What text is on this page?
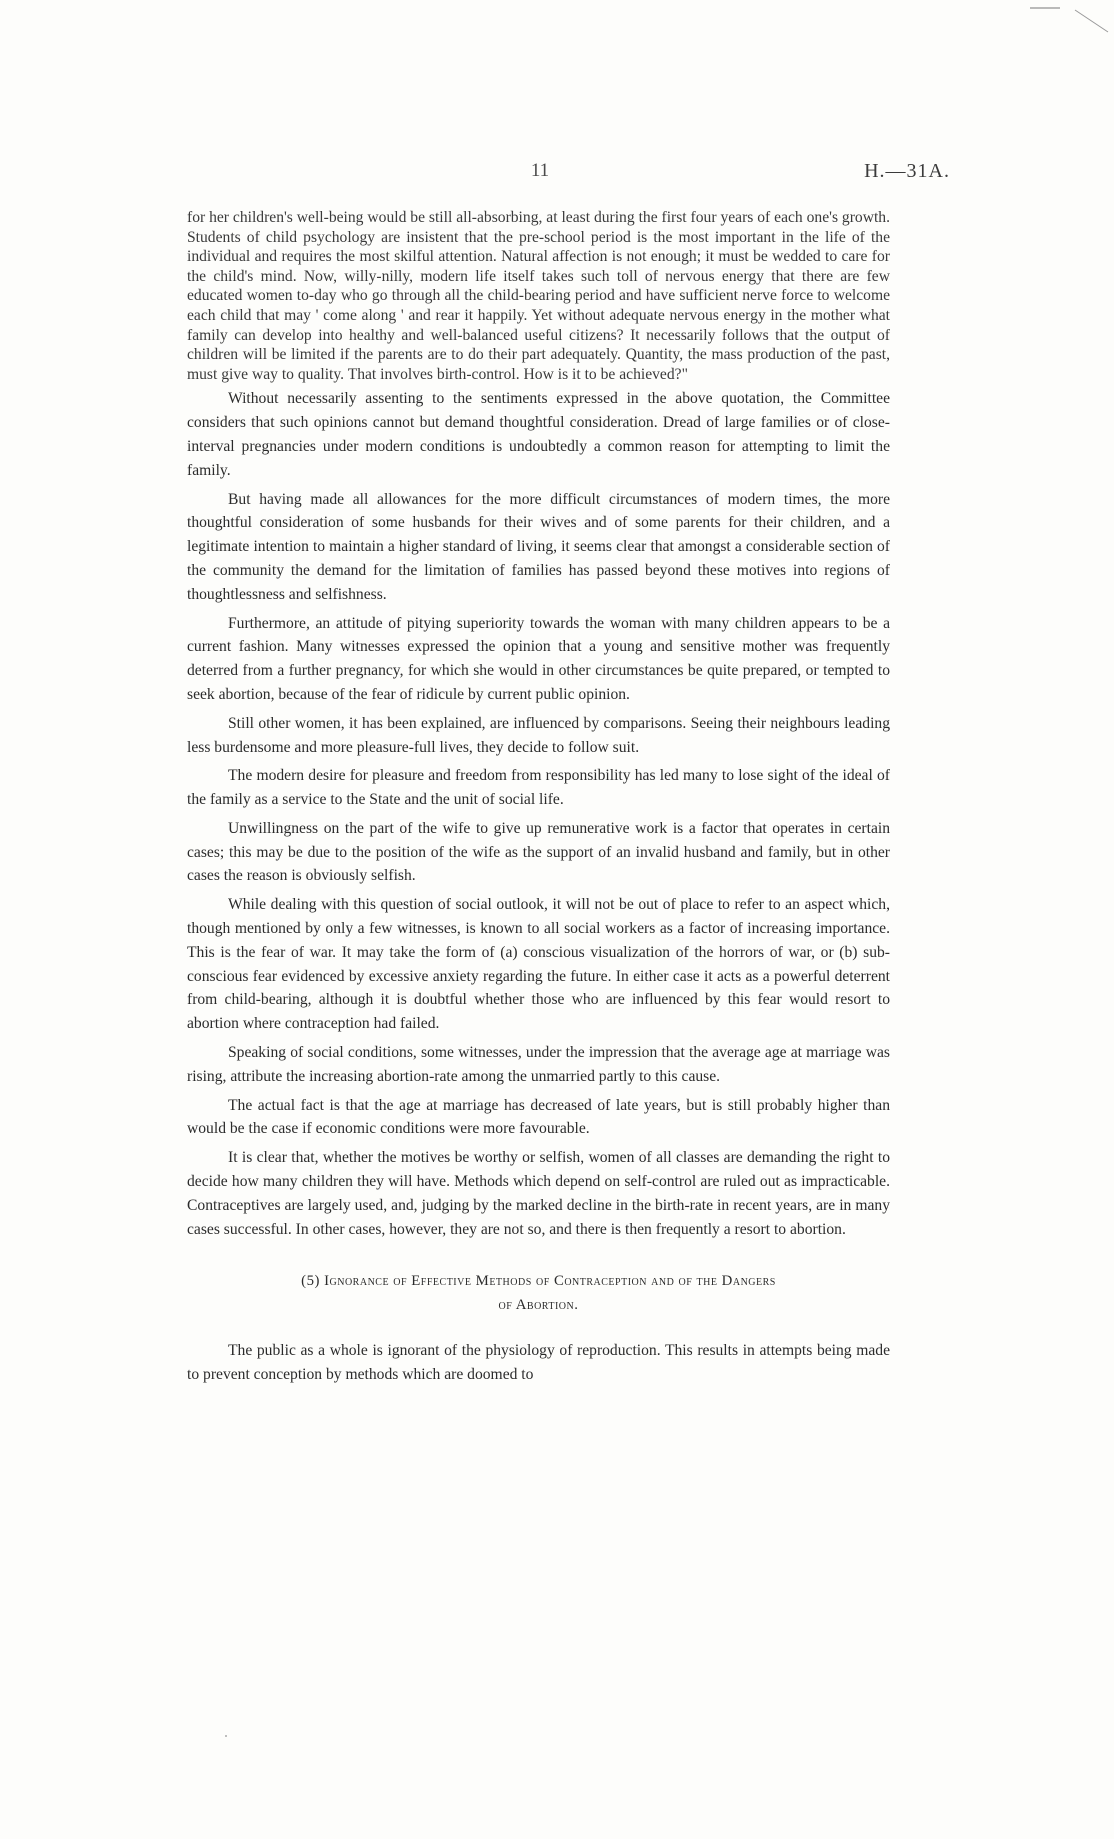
11	H.—31A.

for her children's well-being would be still all-absorbing, at least during the first four years of each one's growth. Students of child psychology are insistent that the pre-school period is the most important in the life of the individual and requires the most skilful attention. Natural affection is not enough; it must be wedded to care for the child's mind. Now, willy-nilly, modern life itself takes such toll of nervous energy that there are few educated women to-day who go through all the child-bearing period and have sufficient nerve force to welcome each child that may ' come along ' and rear it happily. Yet without adequate nervous energy in the mother what family can develop into healthy and well-balanced useful citizens? It necessarily follows that the output of children will be limited if the parents are to do their part adequately. Quantity, the mass production of the past, must give way to quality. That involves birth-control. How is it to be achieved?"

Without necessarily assenting to the sentiments expressed in the above quotation, the Committee considers that such opinions cannot but demand thoughtful consideration. Dread of large families or of close-interval pregnancies under modern conditions is undoubtedly a common reason for attempting to limit the family.

But having made all allowances for the more difficult circumstances of modern times, the more thoughtful consideration of some husbands for their wives and of some parents for their children, and a legitimate intention to maintain a higher standard of living, it seems clear that amongst a considerable section of the community the demand for the limitation of families has passed beyond these motives into regions of thoughtlessness and selfishness.

Furthermore, an attitude of pitying superiority towards the woman with many children appears to be a current fashion. Many witnesses expressed the opinion that a young and sensitive mother was frequently deterred from a further pregnancy, for which she would in other circumstances be quite prepared, or tempted to seek abortion, because of the fear of ridicule by current public opinion.

Still other women, it has been explained, are influenced by comparisons. Seeing their neighbours leading less burdensome and more pleasure-full lives, they decide to follow suit.

The modern desire for pleasure and freedom from responsibility has led many to lose sight of the ideal of the family as a service to the State and the unit of social life.

Unwillingness on the part of the wife to give up remunerative work is a factor that operates in certain cases; this may be due to the position of the wife as the support of an invalid husband and family, but in other cases the reason is obviously selfish.

While dealing with this question of social outlook, it will not be out of place to refer to an aspect which, though mentioned by only a few witnesses, is known to all social workers as a factor of increasing importance. This is the fear of war. It may take the form of (a) conscious visualization of the horrors of war, or (b) sub-conscious fear evidenced by excessive anxiety regarding the future. In either case it acts as a powerful deterrent from child-bearing, although it is doubtful whether those who are influenced by this fear would resort to abortion where contraception had failed.

Speaking of social conditions, some witnesses, under the impression that the average age at marriage was rising, attribute the increasing abortion-rate among the unmarried partly to this cause.

The actual fact is that the age at marriage has decreased of late years, but is still probably higher than would be the case if economic conditions were more favourable.

It is clear that, whether the motives be worthy or selfish, women of all classes are demanding the right to decide how many children they will have. Methods which depend on self-control are ruled out as impracticable. Contraceptives are largely used, and, judging by the marked decline in the birth-rate in recent years, are in many cases successful. In other cases, however, they are not so, and there is then frequently a resort to abortion.

(5) Ignorance of Effective Methods of Contraception and of the Dangers
of Abortion.

The public as a whole is ignorant of the physiology of reproduction. This results in attempts being made to prevent conception by methods which are doomed to
